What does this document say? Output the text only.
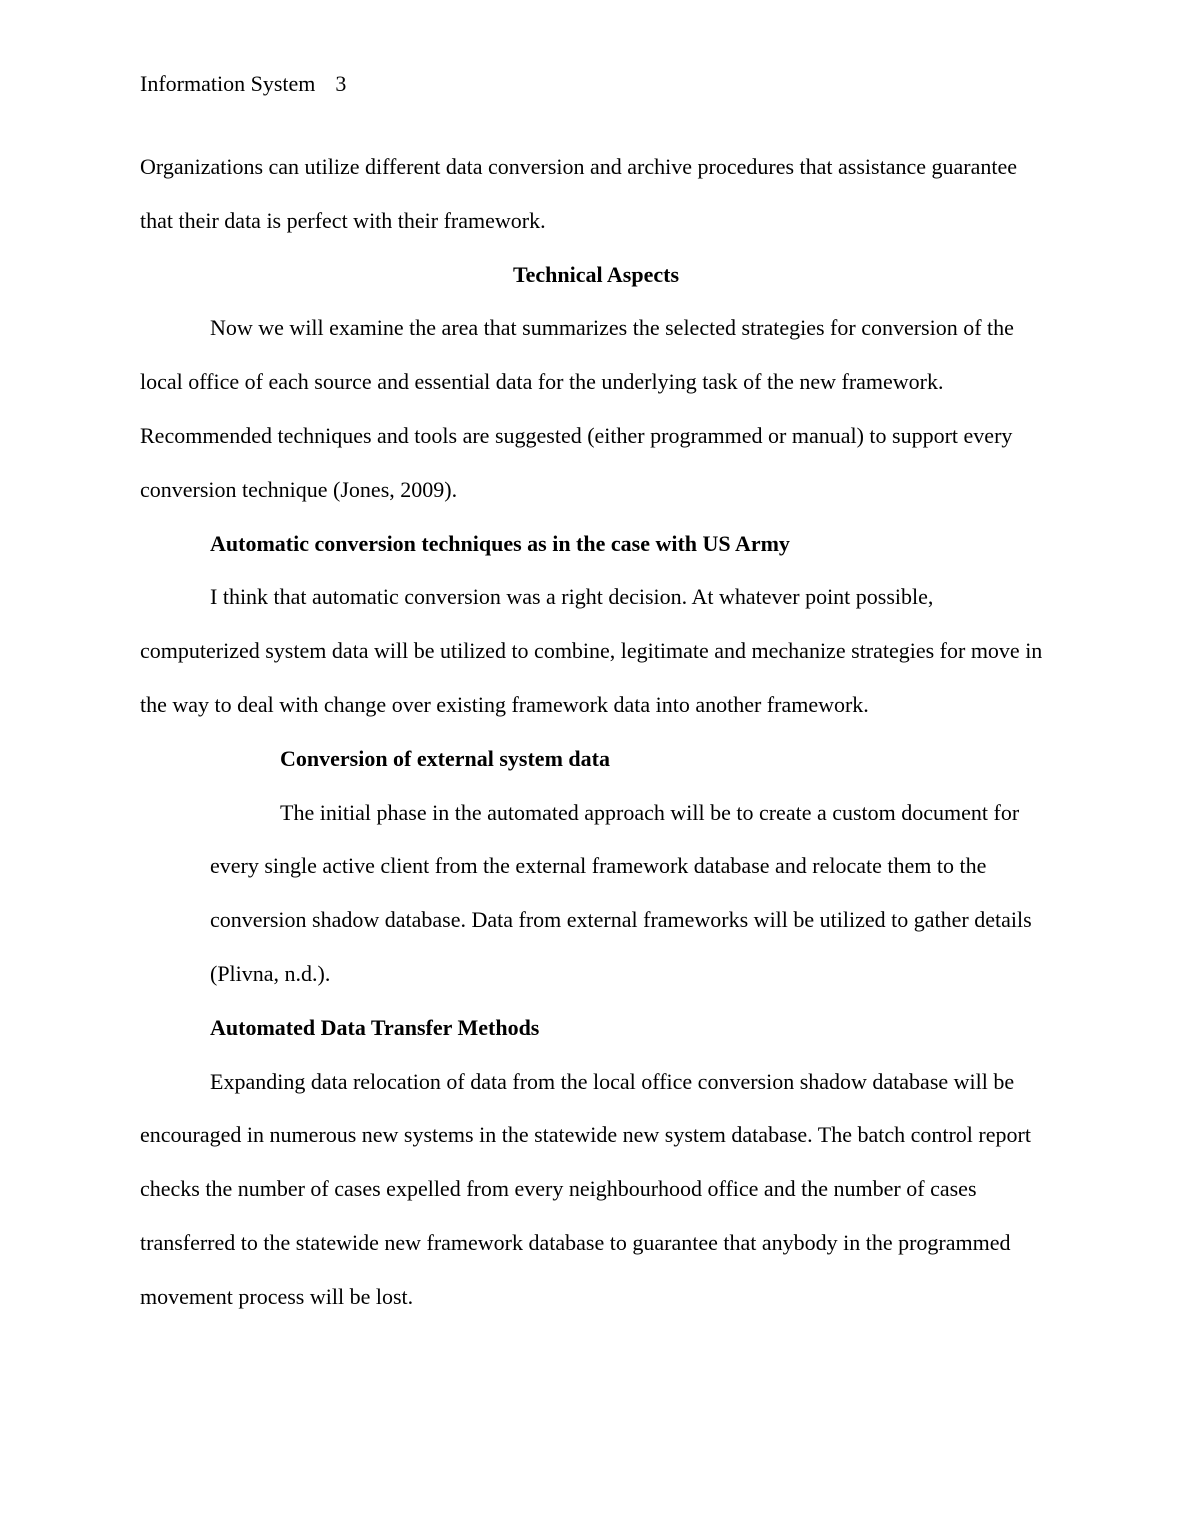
Information System 3

Organizations can utilize different data conversion and archive procedures that assistance guarantee that their data is perfect with their framework.

Technical Aspects

Now we will examine the area that summarizes the selected strategies for conversion of the local office of each source and essential data for the underlying task of the new framework. Recommended techniques and tools are suggested (either programmed or manual) to support every conversion technique (Jones, 2009).

Automatic conversion techniques as in the case with US Army

I think that automatic conversion was a right decision. At whatever point possible, computerized system data will be utilized to combine, legitimate and mechanize strategies for move in the way to deal with change over existing framework data into another framework.

Conversion of external system data

The initial phase in the automated approach will be to create a custom document for every single active client from the external framework database and relocate them to the conversion shadow database. Data from external frameworks will be utilized to gather details (Plivna, n.d.).

Automated Data Transfer Methods

Expanding data relocation of data from the local office conversion shadow database will be encouraged in numerous new systems in the statewide new system database. The batch control report checks the number of cases expelled from every neighbourhood office and the number of cases transferred to the statewide new framework database to guarantee that anybody in the programmed movement process will be lost.
